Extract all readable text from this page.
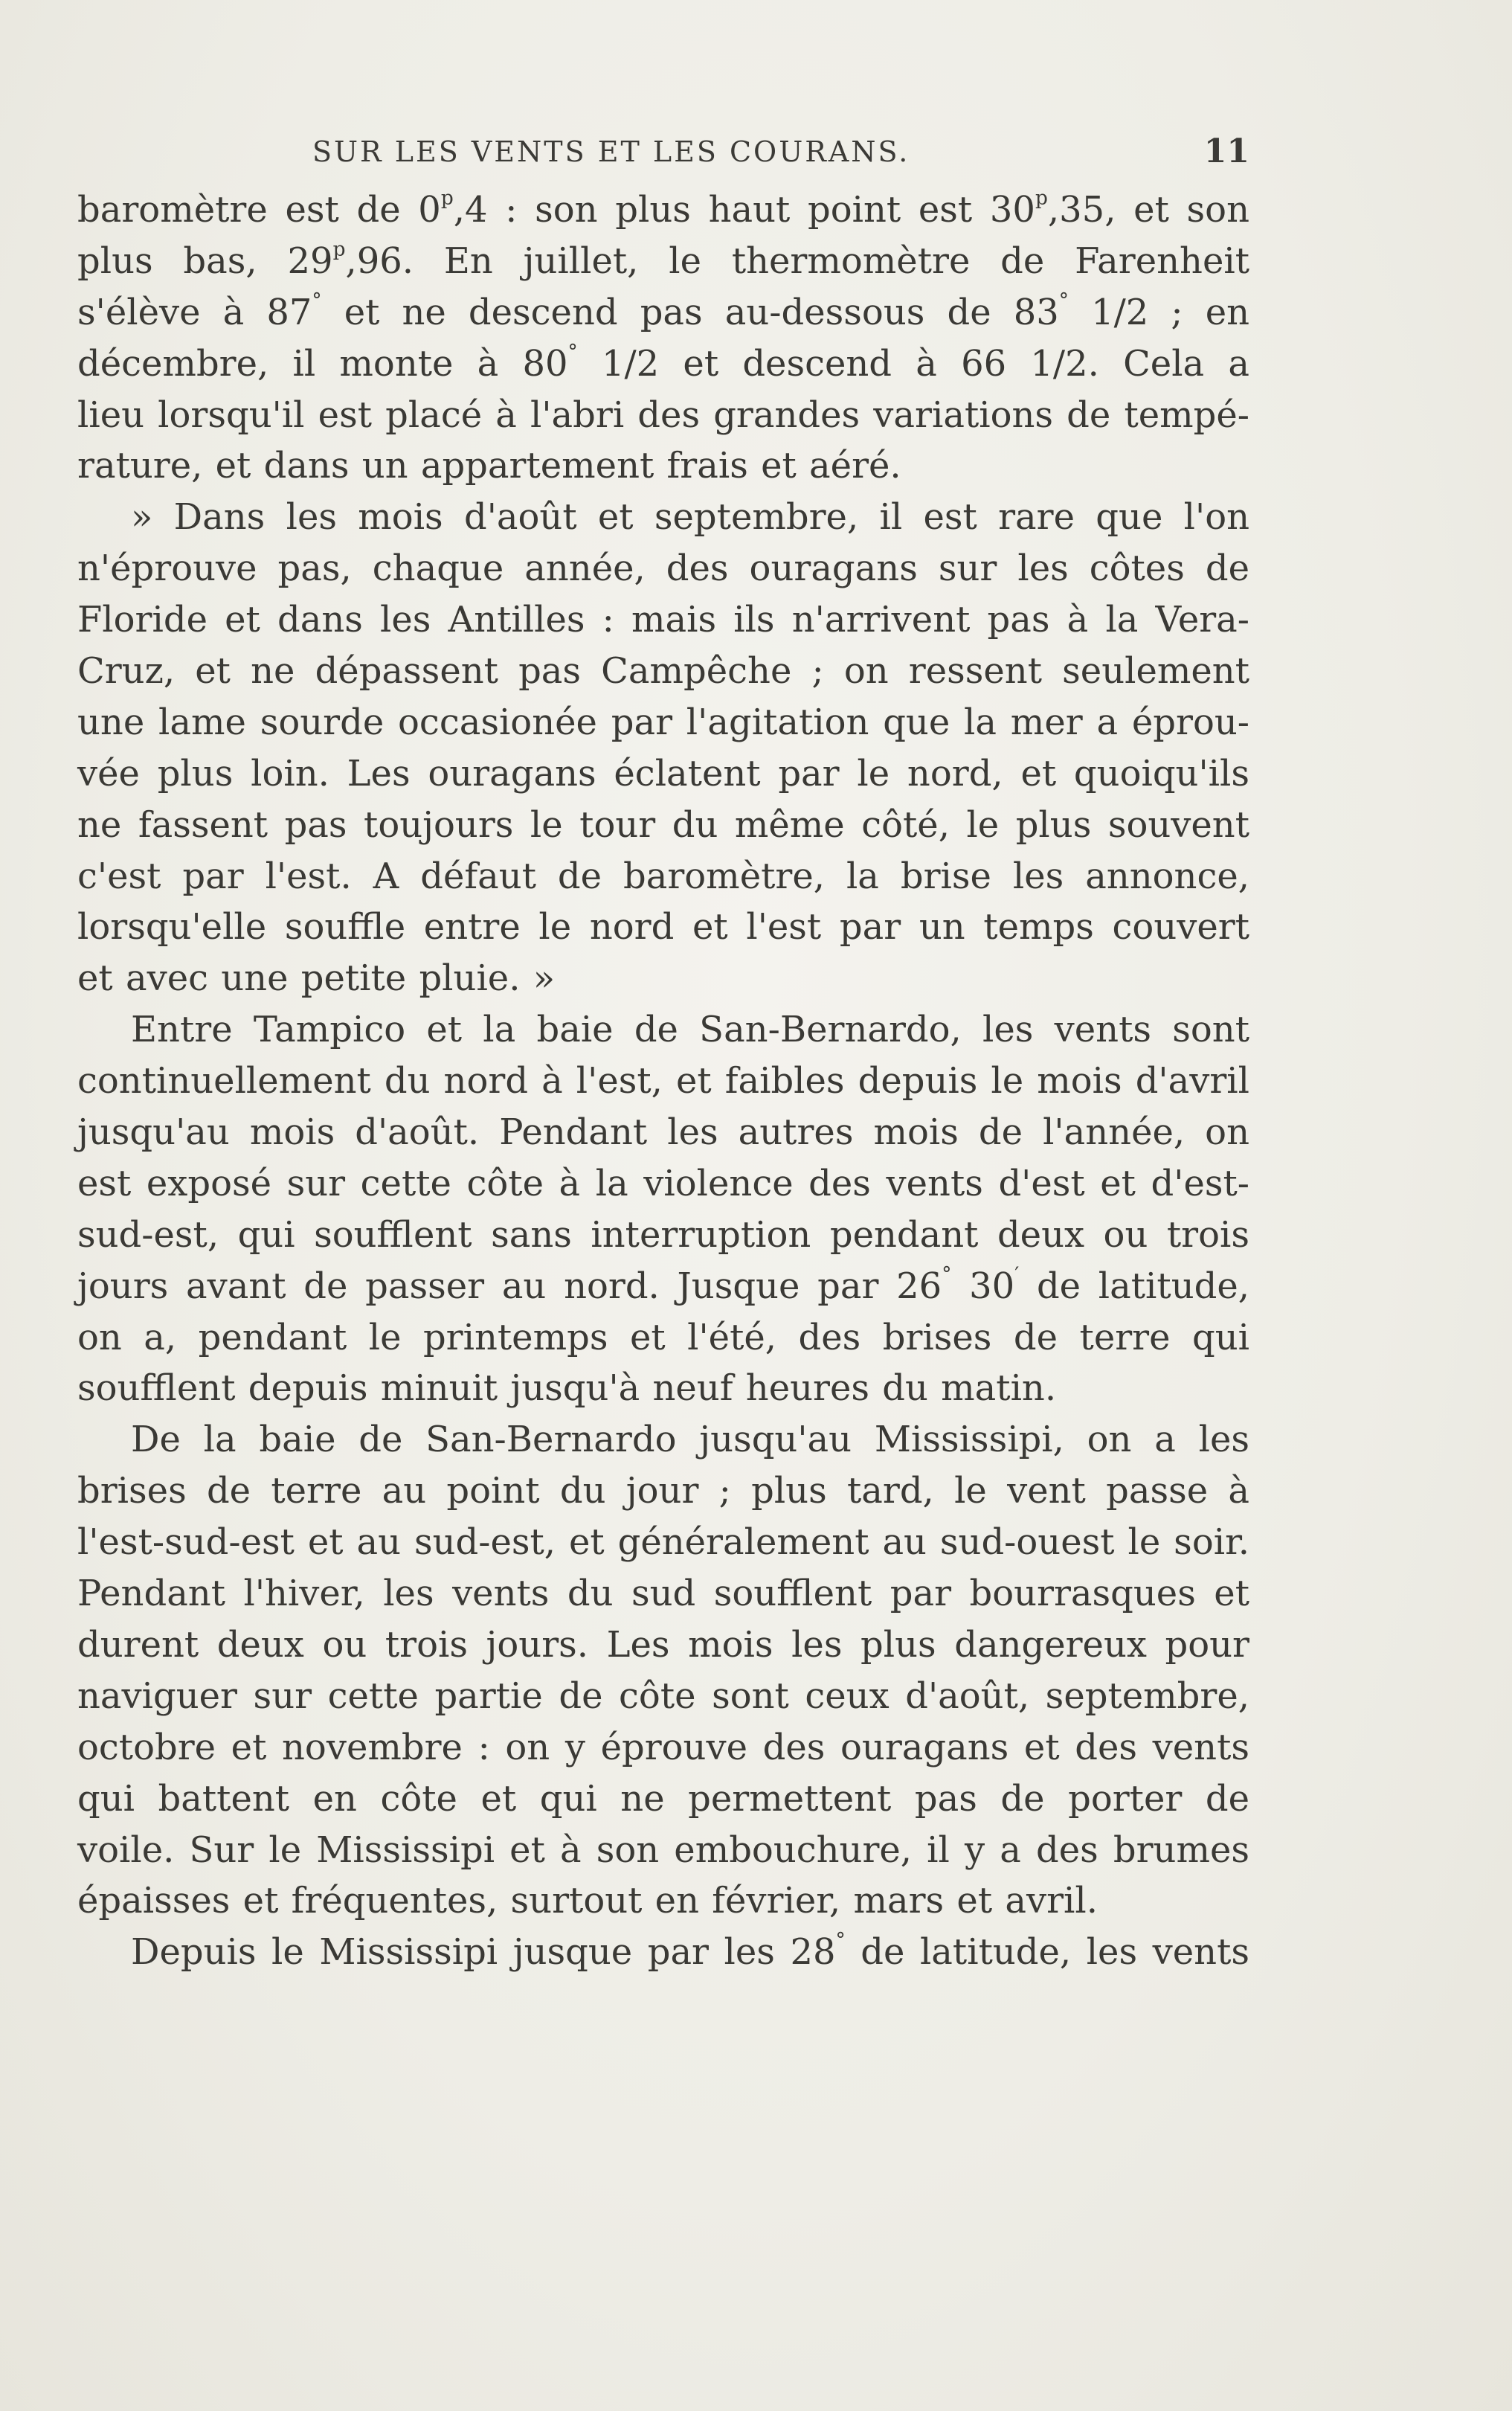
SUR LES VENTS ET LES COURANS.	11
baromètre est de 0$^p$,4 : son plus haut point est 30$^p$,35, et son
plus bas, 29$^p$,96. En juillet, le thermomètre de Farenheit
s'élève à 87° et ne descend pas au-dessous de 83° 1/2 ; en
décembre, il monte à 80° 1/2 et descend à 66 1/2. Cela a
lieu lorsqu'il est placé à l'abri des grandes variations de tempé-
rature, et dans un appartement frais et aéré.
» Dans les mois d'août et septembre, il est rare que l'on
n'éprouve pas, chaque année, des ouragans sur les côtes de
Floride et dans les Antilles : mais ils n'arrivent pas à la Vera-
Cruz, et ne dépassent pas Campêche ; on ressent seulement
une lame sourde occasionée par l'agitation que la mer a éprou-
vée plus loin. Les ouragans éclatent par le nord, et quoiqu'ils
ne fassent pas toujours le tour du même côté, le plus souvent
c'est par l'est. A défaut de baromètre, la brise les annonce,
lorsqu'elle souffle entre le nord et l'est par un temps couvert
et avec une petite pluie. »
Entre Tampico et la baie de San-Bernardo, les vents sont
continuellement du nord à l'est, et faibles depuis le mois d'avril
jusqu'au mois d'août. Pendant les autres mois de l'année, on
est exposé sur cette côte à la violence des vents d'est et d'est-
sud-est, qui soufflent sans interruption pendant deux ou trois
jours avant de passer au nord. Jusque par 26° 30′ de latitude,
on a, pendant le printemps et l'été, des brises de terre qui
soufflent depuis minuit jusqu'à neuf heures du matin.
De la baie de San-Bernardo jusqu'au Mississipi, on a les
brises de terre au point du jour ; plus tard, le vent passe à
l'est-sud-est et au sud-est, et généralement au sud-ouest le soir.
Pendant l'hiver, les vents du sud soufflent par bourrasques et
durent deux ou trois jours. Les mois les plus dangereux pour
naviguer sur cette partie de côte sont ceux d'août, septembre,
octobre et novembre : on y éprouve des ouragans et des vents
qui battent en côte et qui ne permettent pas de porter de
voile. Sur le Mississipi et à son embouchure, il y a des brumes
épaisses et fréquentes, surtout en février, mars et avril.
Depuis le Mississipi jusque par les 28° de latitude, les vents
